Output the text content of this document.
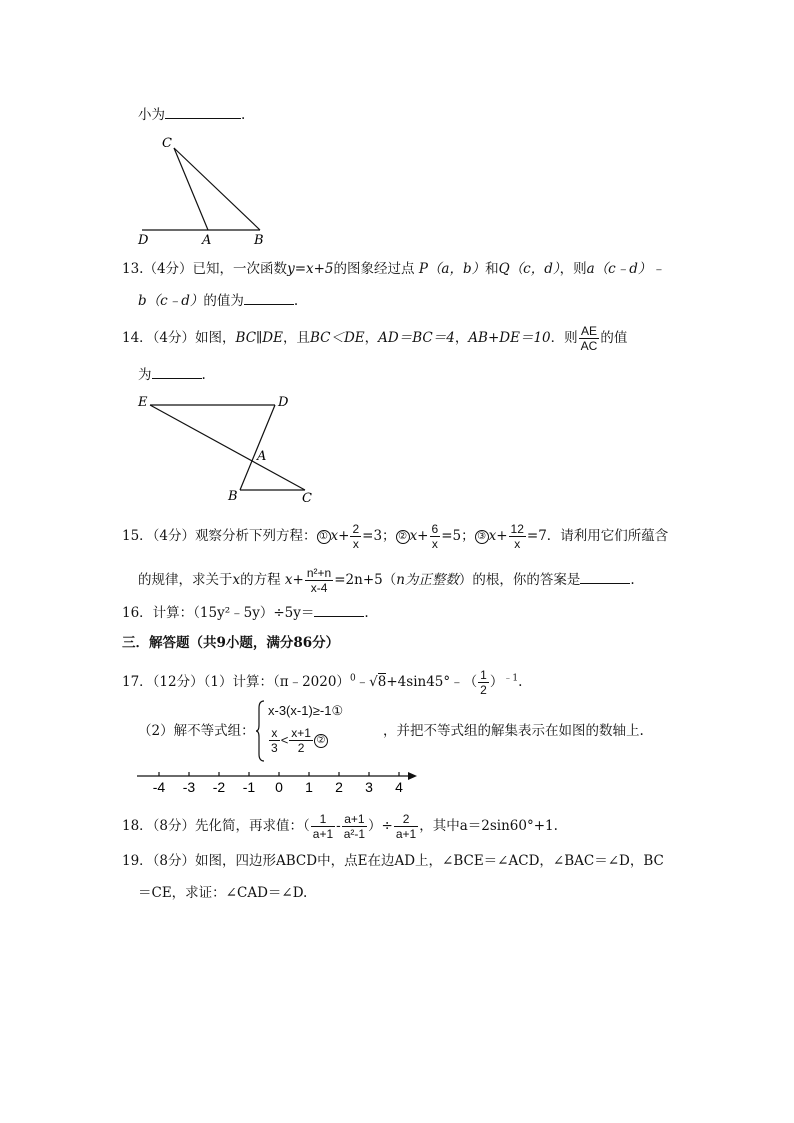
小为	.
C
D	A	B
13.（4分）已知，一次函数y=x+5的图象经过点 P（a，b）和Q（c，d），则a（c﹣d）﹣
b（c﹣d）的值为	.
14．（4分）如图，BC∥DE，且BC＜DE，AD＝BC＝4，AB+DE＝10．则 $\frac{AE}{AC}$ 的值
为	.
E	D
A
B	C
15．（4分）观察分析下列方程： ① $x+ \frac{2}{x} =3$； ② $x+ \frac{6}{x} =5$； ③ $x+ \frac{12}{x} =7$．请利用它们所蕴含
的规律，求关于x的方程 $x+ \frac{\text{n²+n}}{x-4} =2n+5(n$为正整数）的根，你的答案是	.
16．计算：（15y²﹣5y）÷5y＝	.
三．解答题（共9小题，满分86分）
17．（12分）（1）计算：（π﹣2020）$^0$﹣√8+4sin45°﹣（ $\frac{1}{2} )^{﹣1}$.
（2）解不等式组：
x-3(x-1)≥-1①
$\frac{x}{3} < \frac{x+1}{2}$ ②
，并把不等式组的解集表示在如图的数轴上.
-4 -3 -2 -1 0 1 2 3 4
18．（8分）先化简，再求值：（ $\frac{1}{a+1} - \frac{a+1}{\text{a²-1}}$ ）÷ $\frac{2}{a+1}$ ，其中a＝2sin60°+1.
19．（8分）如图，四边形ABCD中，点E在边AD上，∠BCE＝∠ACD，∠BAC＝∠D，BC
＝CE，求证：∠CAD＝∠D.
